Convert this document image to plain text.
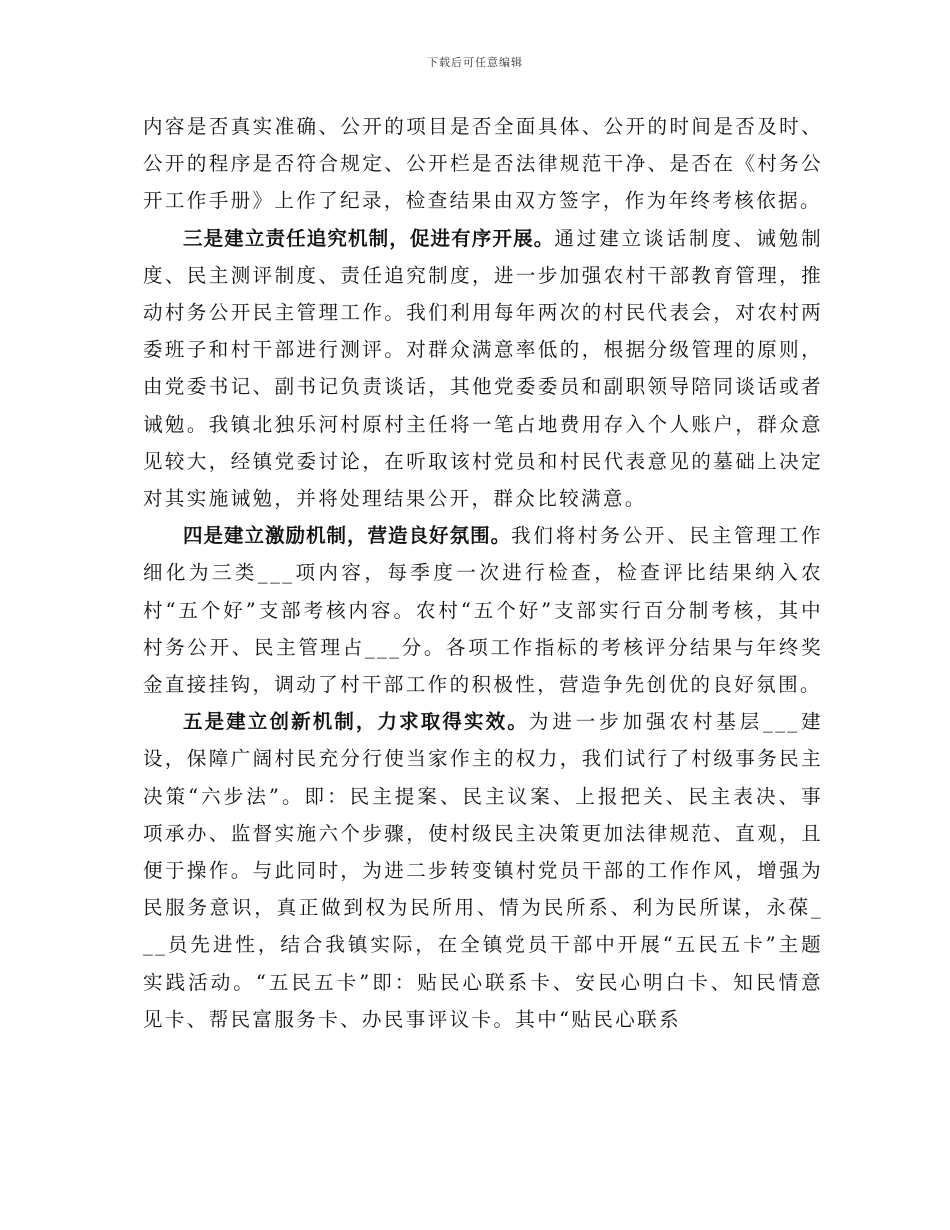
下载后可任意编辑

内容是否真实准确、公开的项目是否全面具体、公开的时间是否及时、公开的程序是否符合规定、公开栏是否法律规范干净、是否在《村务公开工作手册》上作了纪录，检查结果由双方签字，作为年终考核依据。

三是建立责任追究机制，促进有序开展。通过建立谈话制度、诫勉制度、民主测评制度、责任追究制度，进一步加强农村干部教育管理，推动村务公开民主管理工作。我们利用每年两次的村民代表会，对农村两委班子和村干部进行测评。对群众满意率低的，根据分级管理的原则，由党委书记、副书记负责谈话，其他党委委员和副职领导陪同谈话或者诫勉。我镇北独乐河村原村主任将一笔占地费用存入个人账户，群众意见较大，经镇党委讨论，在听取该村党员和村民代表意见的墓础上决定对其实施诫勉，并将处理结果公开，群众比较满意。

四是建立激励机制，营造良好氛围。我们将村务公开、民主管理工作细化为三类___项内容，每季度一次进行检查，检查评比结果纳入农村“五个好”支部考核内容。农村“五个好”支部实行百分制考核，其中村务公开、民主管理占___分。各项工作指标的考核评分结果与年终奖金直接挂钩，调动了村干部工作的积极性，营造争先创优的良好氛围。

五是建立创新机制，力求取得实效。为进一步加强农村基层___建设，保障广阔村民充分行使当家作主的权力，我们试行了村级事务民主决策“六步法”。即：民主提案、民主议案、上报把关、民主表决、事项承办、监督实施六个步骤，使村级民主决策更加法律规范、直观，且便于操作。与此同时，为进二步转变镇村党员干部的工作作风，增强为民服务意识，真正做到权为民所用、情为民所系、利为民所谋，永葆___员先进性，结合我镇实际，在全镇党员干部中开展“五民五卡”主题实践活动。“五民五卡”即：贴民心联系卡、安民心明白卡、知民情意见卡、帮民富服务卡、办民事评议卡。其中“贴民心联系
